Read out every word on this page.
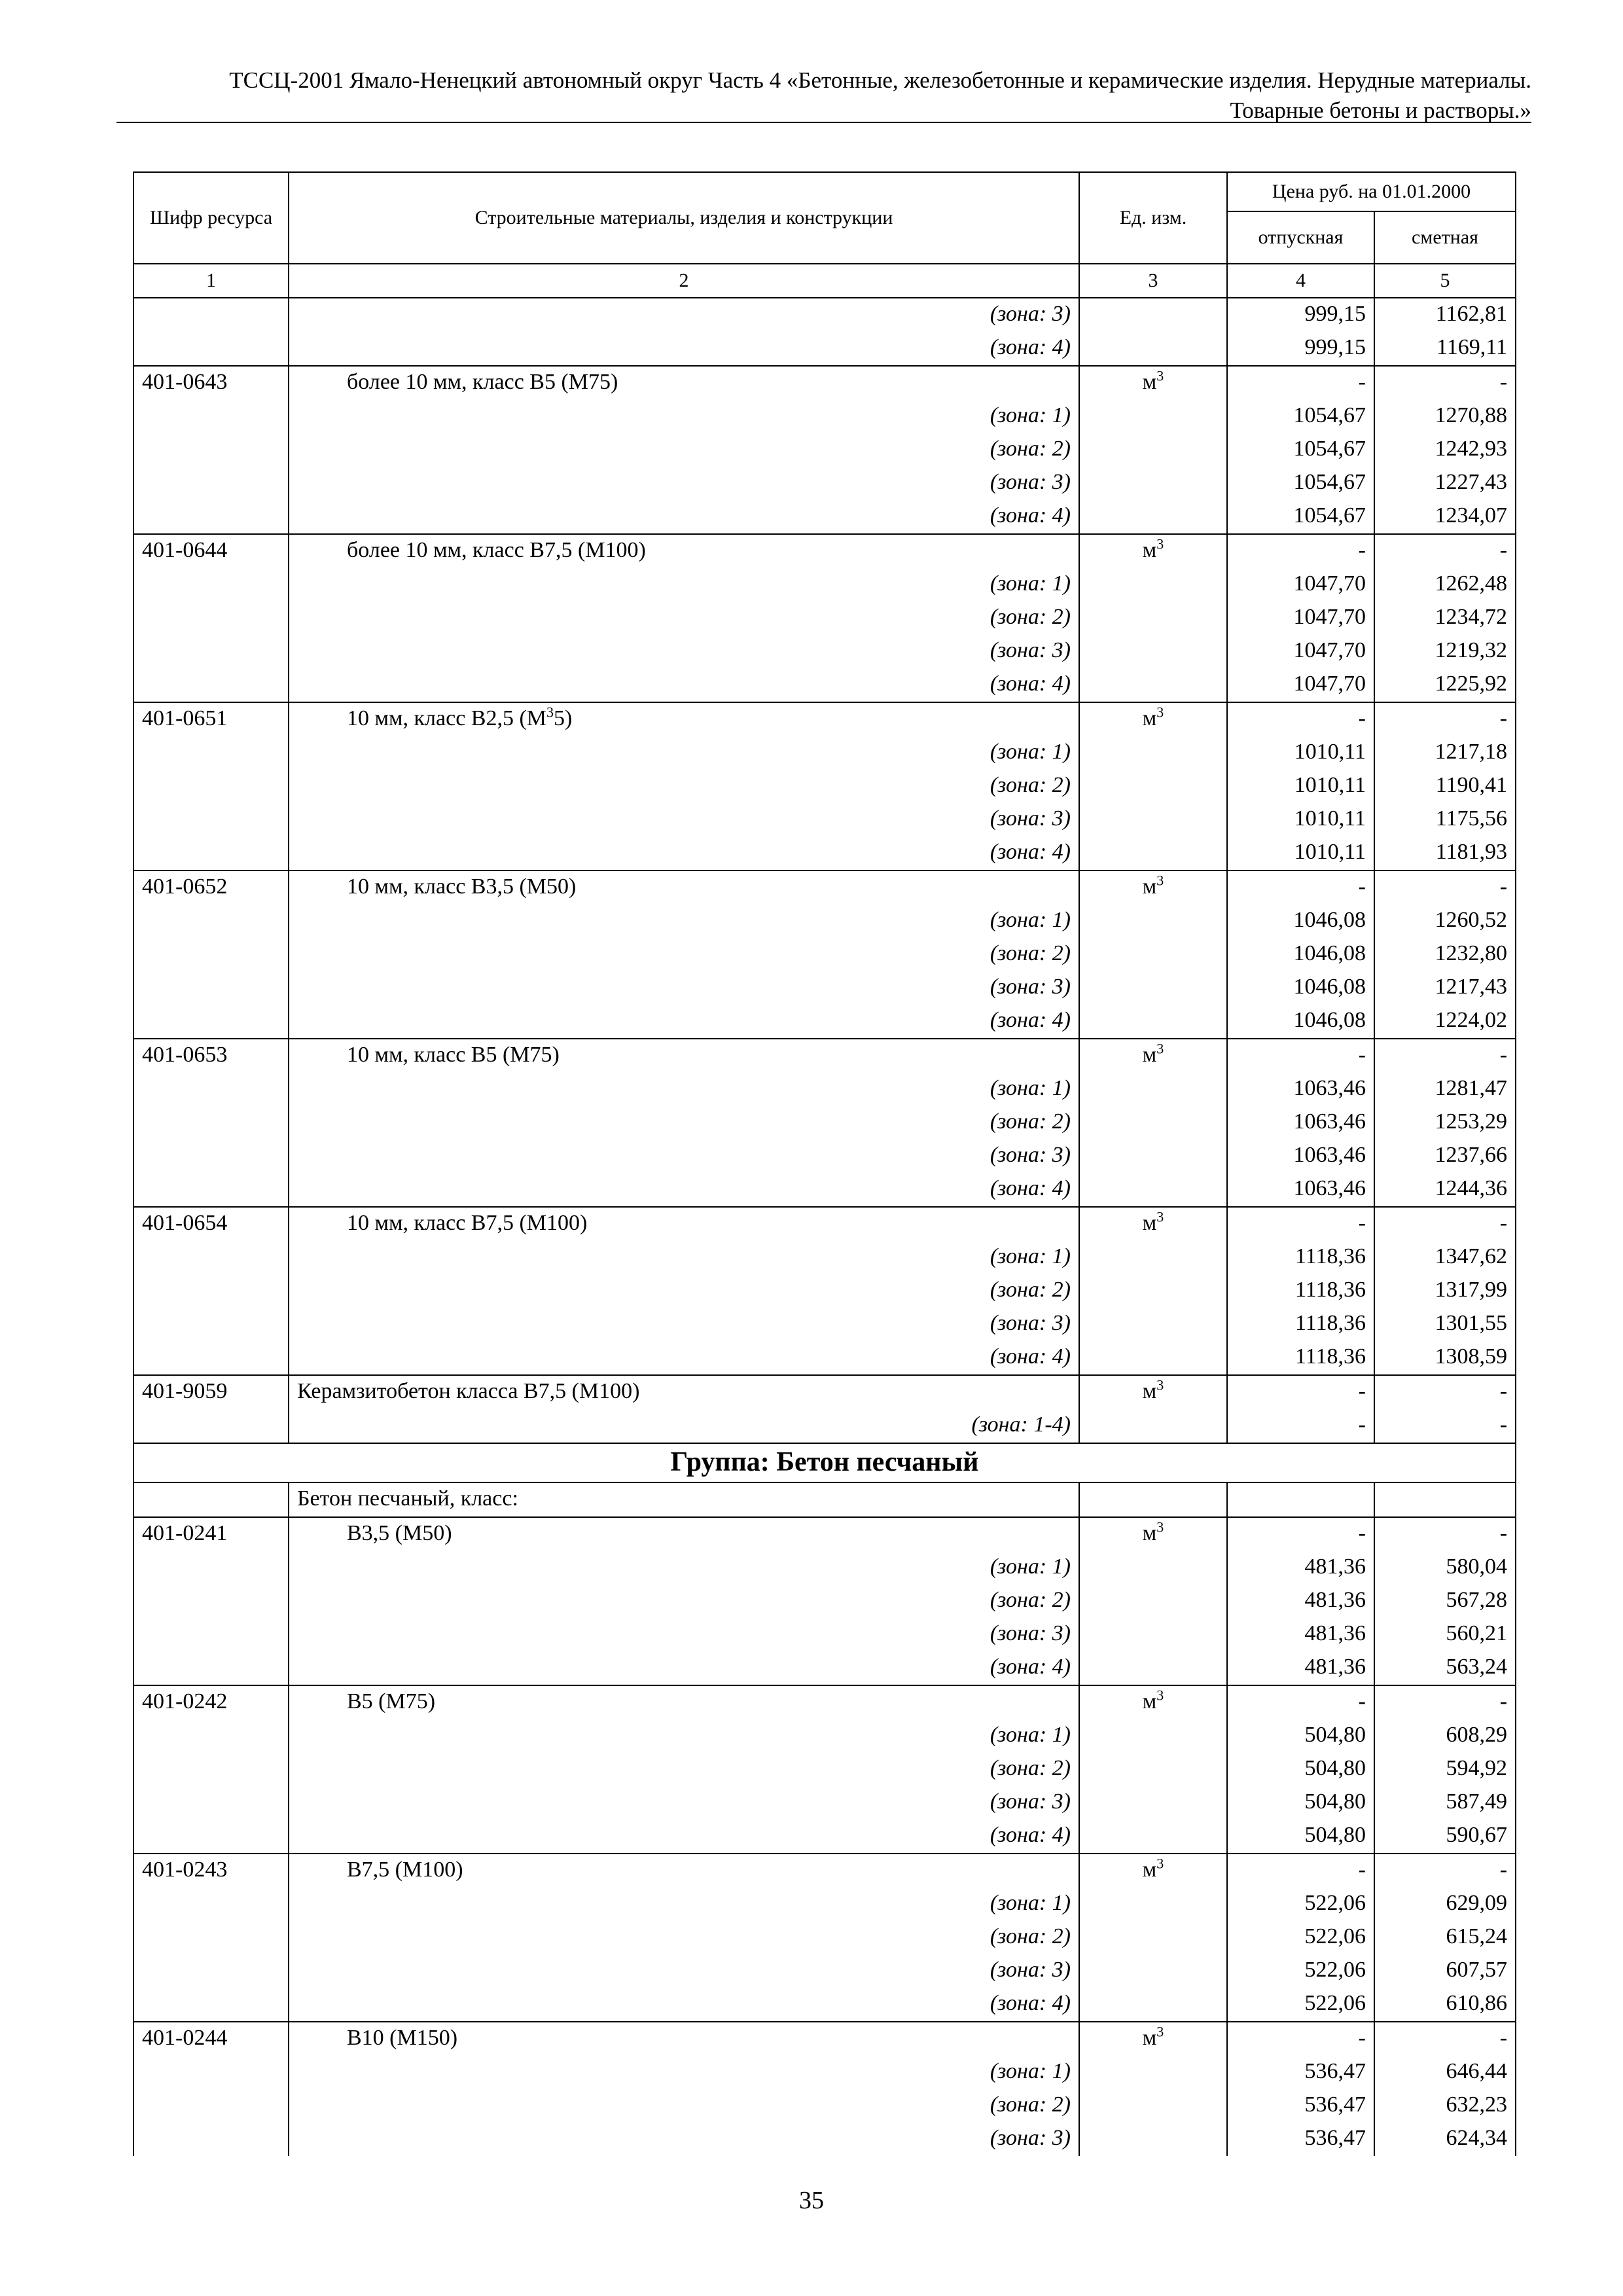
ТССЦ-2001 Ямало-Ненецкий автономный округ Часть 4 «Бетонные, железобетонные и керамические изделия. Нерудные материалы.
Товарные бетоны и растворы.»
Шифр ресурса	Строительные материалы, изделия и конструкции	Ед. изм.	Цена руб. на 01.01.2000	
			отпускная	сметная
1	2	3	4	5
	(зона: 3)		999,15	1162,81
	(зона: 4)		999,15	1169,11
401-0643	более 10 мм, класс В5 (М75)	$м^3$	-	-
	(зона: 1)		1054,67	1270,88
	(зона: 2)		1054,67	1242,93
	(зона: 3)		1054,67	1227,43
	(зона: 4)		1054,67	1234,07
401-0644	более 10 мм, класс В7,5 (М100)	$м^3$	-	-
	(зона: 1)		1047,70	1262,48
	(зона: 2)		1047,70	1234,72
	(зона: 3)		1047,70	1219,32
	(зона: 4)		1047,70	1225,92
401-0651	10 мм, класс В2,5 $(М^35)$	$м^3$	-	-
	(зона: 1)		1010,11	1217,18
	(зона: 2)		1010,11	1190,41
	(зона: 3)		1010,11	1175,56
	(зона: 4)		1010,11	1181,93
401-0652	10 мм, класс В3,5 (М50)	$м^3$	-	-
	(зона: 1)		1046,08	1260,52
	(зона: 2)		1046,08	1232,80
	(зона: 3)		1046,08	1217,43
	(зона: 4)		1046,08	1224,02
401-0653	10 мм, класс В5 (М75)	$м^3$	-	-
	(зона: 1)		1063,46	1281,47
	(зона: 2)		1063,46	1253,29
	(зона: 3)		1063,46	1237,66
	(зона: 4)		1063,46	1244,36
401-0654	10 мм, класс В7,5 (М100)	$м^3$	-	-
	(зона: 1)		1118,36	1347,62
	(зона: 2)		1118,36	1317,99
	(зона: 3)		1118,36	1301,55
	(зона: 4)		1118,36	1308,59
401-9059	Керамзитобетон класса В7,5 (М100)	$м^3$	-	-
	(зона: 1-4)		-	-
Группа: Бетон песчаный				
	Бетон песчаный, класс:			
401-0241	В3,5 (М50)	$м^3$	-	-
	(зона: 1)		481,36	580,04
	(зона: 2)		481,36	567,28
	(зона: 3)		481,36	560,21
	(зона: 4)		481,36	563,24
401-0242	В5 (М75)	$м^3$	-	-
	(зона: 1)		504,80	608,29
	(зона: 2)		504,80	594,92
	(зона: 3)		504,80	587,49
	(зона: 4)		504,80	590,67
401-0243	В7,5 (М100)	$м^3$	-	-
	(зона: 1)		522,06	629,09
	(зона: 2)		522,06	615,24
	(зона: 3)		522,06	607,57
	(зона: 4)		522,06	610,86
401-0244	В10 (М150)	$м^3$	-	-
	(зона: 1)		536,47	646,44
	(зона: 2)		536,47	632,23
	(зона: 3)		536,47	624,34
35
